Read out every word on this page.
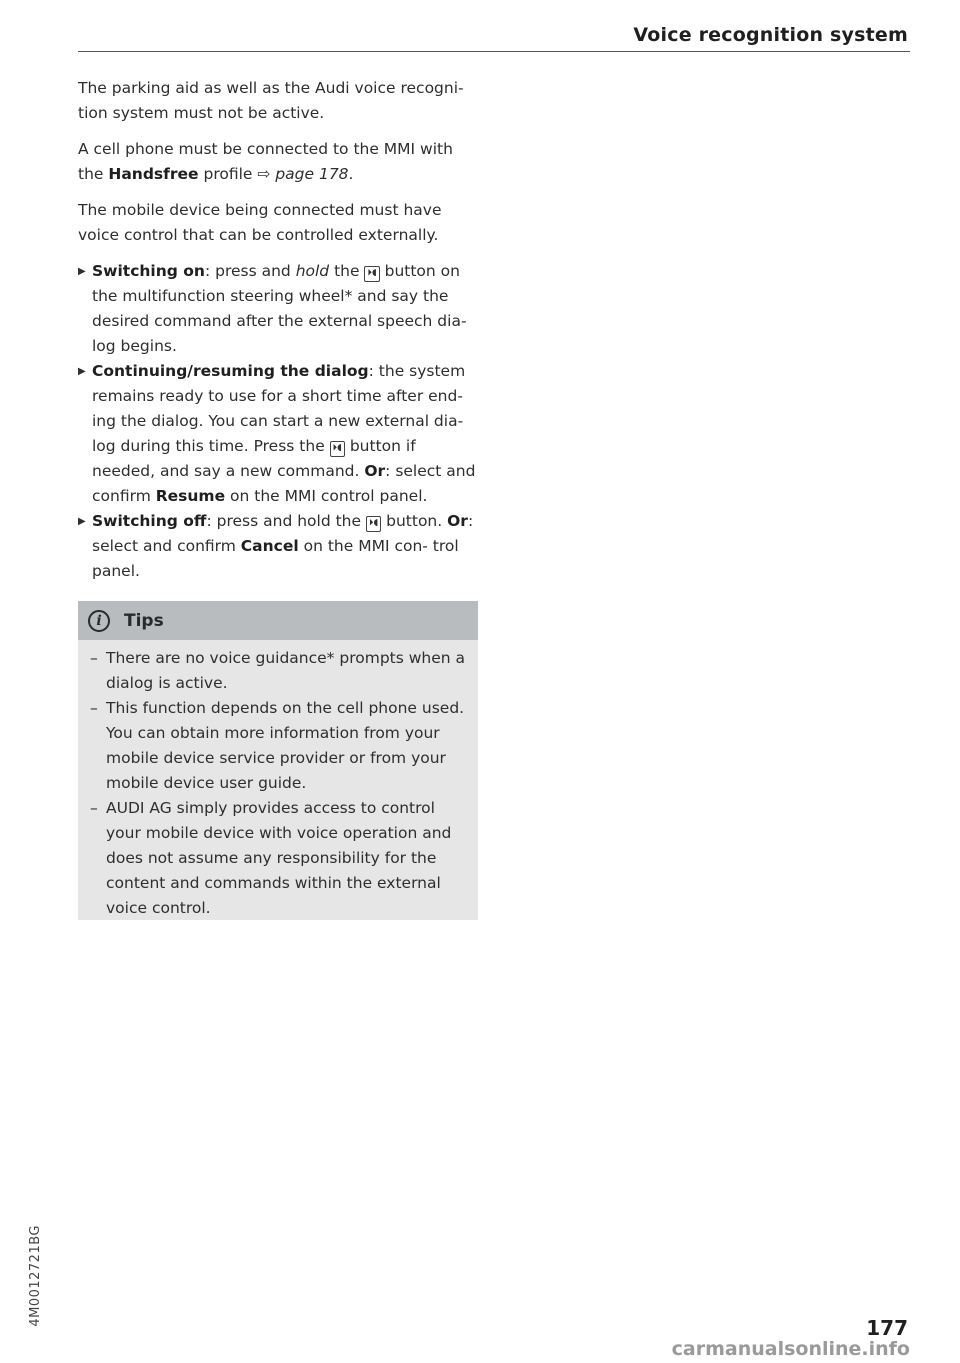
Voice recognition system

The parking aid as well as the Audi voice recogni- tion system must not be active.

A cell phone must be connected to the MMI with the Handsfree profile ⇨ page 178.

The mobile device being connected must have voice control that can be controlled externally.

▶ Switching on: press and hold the ⏵◖ button on the multifunction steering wheel* and say the desired command after the external speech dia- log begins.
▶ Continuing/resuming the dialog: the system remains ready to use for a short time after end- ing the dialog. You can start a new external dia- log during this time. Press the ⏵◖ button if needed, and say a new command. Or: select and confirm Resume on the MMI control panel.
▶ Switching off: press and hold the ⏵◖ button. Or: select and confirm Cancel on the MMI con- trol panel.
i	Tips
– There are no voice guidance* prompts when a dialog is active.
– This function depends on the cell phone used. You can obtain more information from your mobile device service provider or from your mobile device user guide.
– AUDI AG simply provides access to control your mobile device with voice operation and does not assume any responsibility for the content and commands within the external voice control.
4M0012721BG
177
carmanualsonline.info
